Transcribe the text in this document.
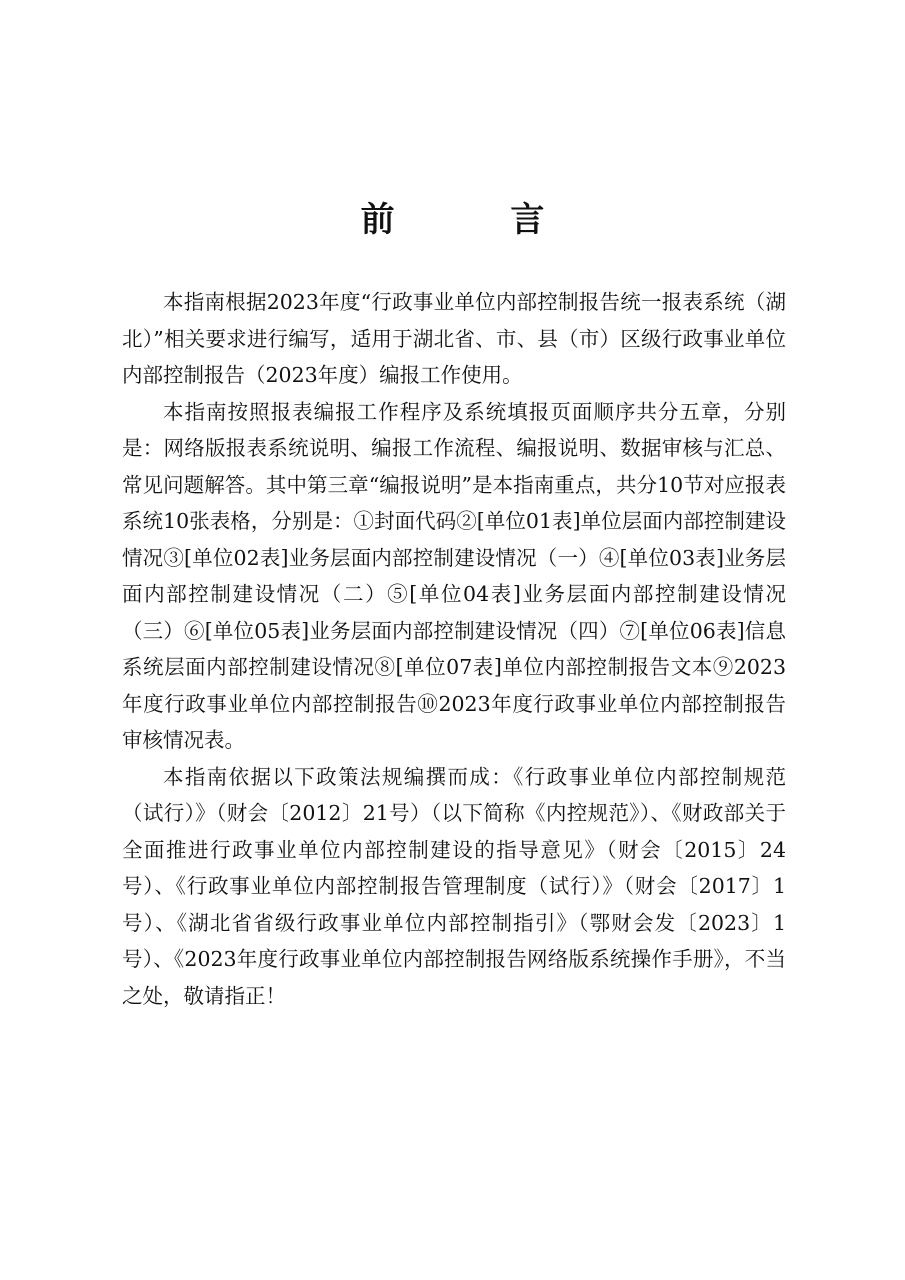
前 言

本指南根据2023年度“行政事业单位内部控制报告统一报表系统（湖北）”相关要求进行编写，适用于湖北省、市、县（市）区级行政事业单位内部控制报告（2023年度）编报工作使用。

本指南按照报表编报工作程序及系统填报页面顺序共分五章，分别是：网络版报表系统说明、编报工作流程、编报说明、数据审核与汇总、常见问题解答。其中第三章“编报说明”是本指南重点，共分10节对应报表系统10张表格，分别是：①封面代码②[单位01表]单位层面内部控制建设情况③[单位02表]业务层面内部控制建设情况（一）④[单位03表]业务层面内部控制建设情况（二）⑤[单位04表]业务层面内部控制建设情况（三）⑥[单位05表]业务层面内部控制建设情况（四）⑦[单位06表]信息系统层面内部控制建设情况⑧[单位07表]单位内部控制报告文本⑨2023年度行政事业单位内部控制报告⑩2023年度行政事业单位内部控制报告审核情况表。

本指南依据以下政策法规编撰而成：《行政事业单位内部控制规范（试行）》（财会〔2012〕21号）（以下简称《内控规范》）、《财政部关于全面推进行政事业单位内部控制建设的指导意见》（财会〔2015〕24号）、《行政事业单位内部控制报告管理制度（试行）》（财会〔2017〕1号）、《湖北省省级行政事业单位内部控制指引》（鄂财会发〔2023〕1号）、《2023年度行政事业单位内部控制报告网络版系统操作手册》，不当之处，敬请指正！
